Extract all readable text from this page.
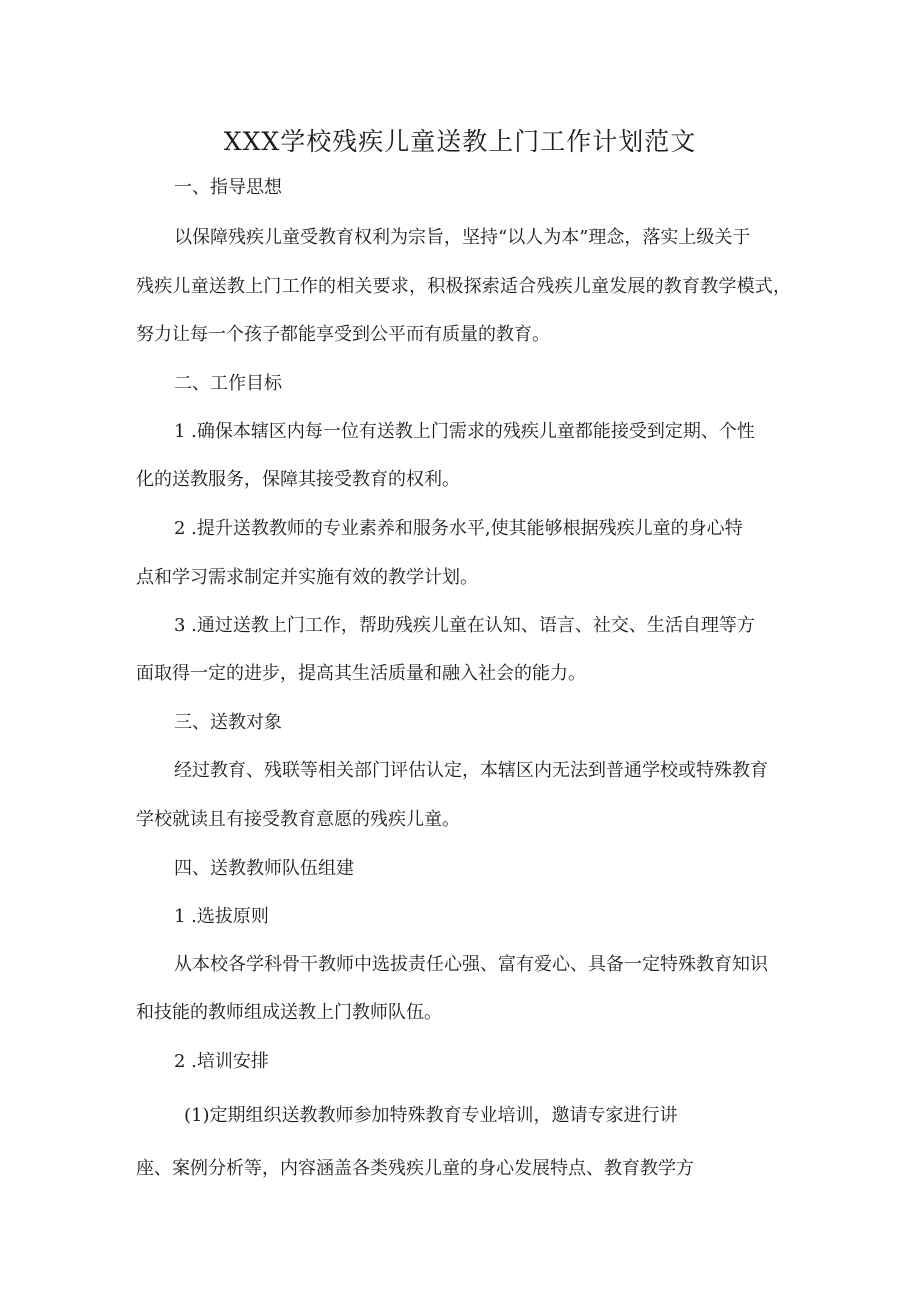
XXX学校残疾儿童送教上门工作计划范文
一、指导思想
以保障残疾儿童受教育权利为宗旨，坚持“以人为本”理念，落实上级关于
残疾儿童送教上门工作的相关要求，积极探索适合残疾儿童发展的教育教学模式，
努力让每一个孩子都能享受到公平而有质量的教育。
二、工作目标
1 .确保本辖区内每一位有送教上门需求的残疾儿童都能接受到定期、个性
化的送教服务，保障其接受教育的权利。
2 .提升送教教师的专业素养和服务水平,使其能够根据残疾儿童的身心特
点和学习需求制定并实施有效的教学计划。
3 .通过送教上门工作，帮助残疾儿童在认知、语言、社交、生活自理等方
面取得一定的进步，提高其生活质量和融入社会的能力。
三、送教对象
经过教育、残联等相关部门评估认定，本辖区内无法到普通学校或特殊教育
学校就读且有接受教育意愿的残疾儿童。
四、送教教师队伍组建
1 .选拔原则
从本校各学科骨干教师中选拔责任心强、富有爱心、具备一定特殊教育知识
和技能的教师组成送教上门教师队伍。
2 .培训安排
(1)定期组织送教教师参加特殊教育专业培训，邀请专家进行讲
座、案例分析等，内容涵盖各类残疾儿童的身心发展特点、教育教学方
